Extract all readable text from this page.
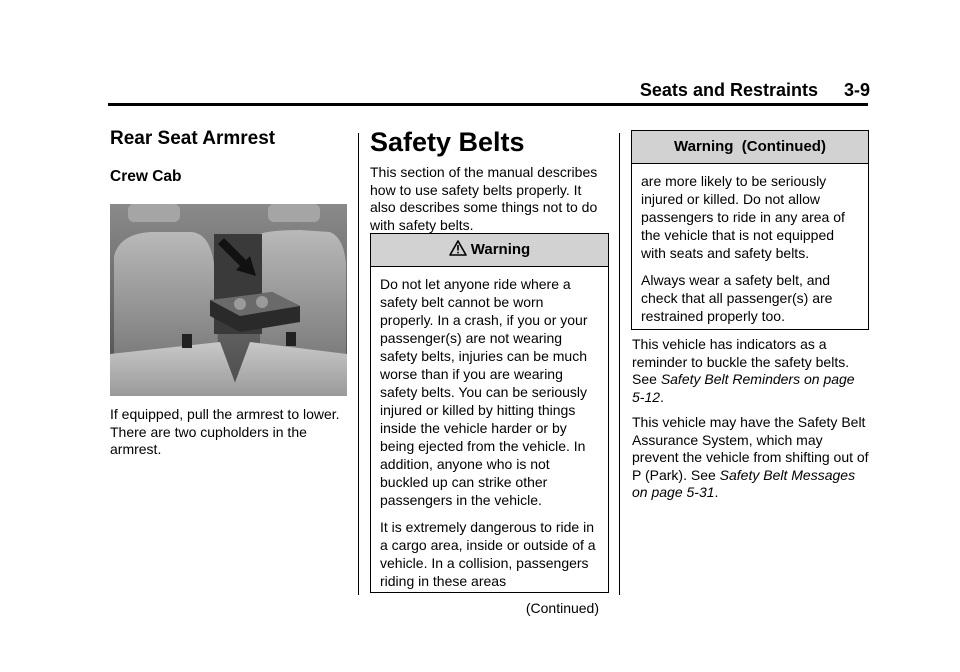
Seats and Restraints 3-9
Rear Seat Armrest
Crew Cab
If equipped, pull the armrest to lower. There are two cupholders in the armrest.
Safety Belts
This section of the manual describes how to use safety belts properly. It also describes some things not to do with safety belts.
Warning

Do not let anyone ride where a safety belt cannot be worn properly. In a crash, if you or your passenger(s) are not wearing safety belts, injuries can be much worse than if you are wearing safety belts. You can be seriously injured or killed by hitting things inside the vehicle harder or by being ejected from the vehicle. In addition, anyone who is not buckled up can strike other passengers in the vehicle.

It is extremely dangerous to ride in a cargo area, inside or outside of a vehicle. In a collision, passengers riding in these areas

(Continued)
Warning  (Continued)

are more likely to be seriously injured or killed. Do not allow passengers to ride in any area of the vehicle that is not equipped with seats and safety belts.

Always wear a safety belt, and check that all passenger(s) are restrained properly too.

This vehicle has indicators as a reminder to buckle the safety belts. See Safety Belt Reminders on page 5-12.

This vehicle may have the Safety Belt Assurance System, which may prevent the vehicle from shifting out of P (Park). See Safety Belt Messages on page 5-31.
